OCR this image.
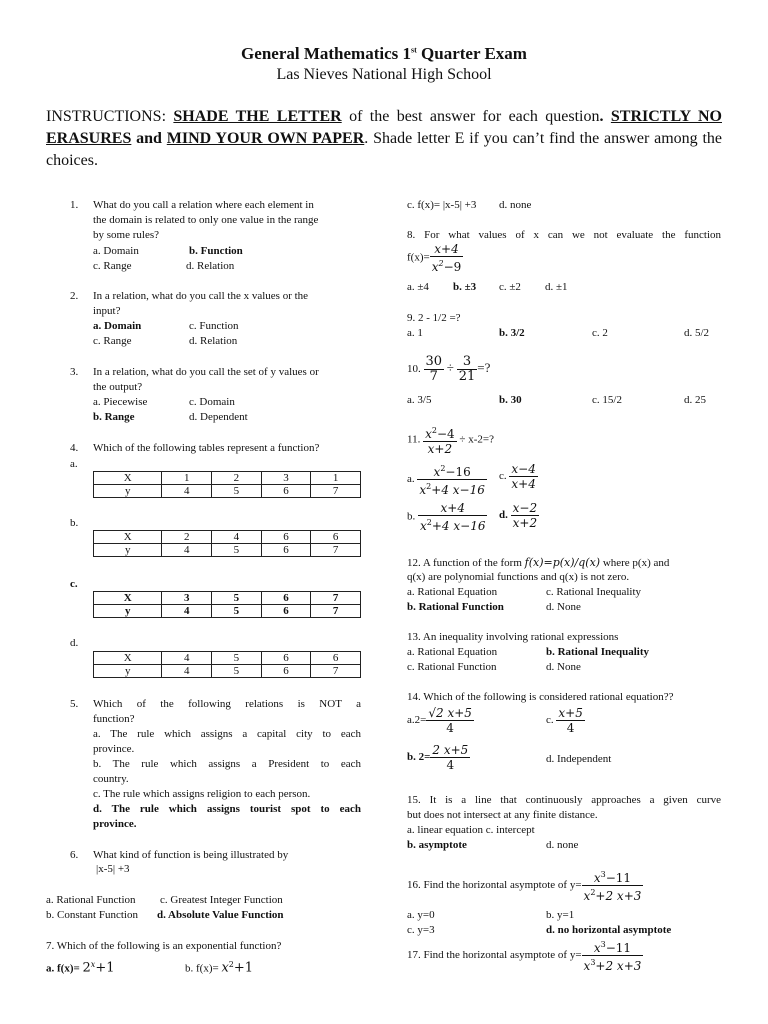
General Mathematics 1st Quarter Exam
Las Nieves National High School
INSTRUCTIONS: SHADE THE LETTER of the best answer for each question. STRICTLY NO ERASURES and MIND YOUR OWN PAPER. Shade letter E if you can’t find the answer among the choices.
1. What do you call a relation where each element in
the domain is related to only one value in the range
by some rules?
a. Domain	b. Function
c. Range	d. Relation
2. In a relation, what do you call the x values or the
input?
a. Domain	c. Function
c. Range	d. Relation
3. In a relation, what do you call the set of y values or
the output?
a. Piecewise	c. Domain
b. Range	d. Dependent
4. Which of the following tables represent a function?
a.
X	1	2	3	1
y	4	5	6	7
b.
X	2	4	6	6
y	4	5	6	7
c.
X	3	5	6	7
y	4	5	6	7
d.
X	4	5	6	6
y	4	5	6	7
5. Which of the following relations is NOT a
function?
a. The rule which assigns a capital city to each
province.
b. The rule which assigns a President to each
country.
c. The rule which assigns religion to each person.
d. The rule which assigns tourist spot to each
province.
6. What kind of function is being illustrated by
|x-5| +3
a. Rational Function c. Greatest Integer Function
b. Constant Function d. Absolute Value Function
7. Which of the following is an exponential function?
a. $f(x)= 2^x+1$	b. $f(x)= x^2+1$
c. f(x)= |x-5| +3 d. none
8. For what values of x can we not evaluate the function
$f(x)= \frac{x+4}{x^2-9}$
a. ±4 b. ±3 c. ±2 d. ±1
9. 2 - 1/2 =?
a. 1	b. 3/2	c. 2	d. 5/2
10. $\frac{30}{7} \div \frac{3}{21}$ =?
a. 3/5	b. 30	c. 15/2	d. 25
11. $\frac{x^2-4}{x+2} \div x-2=$?
a. $\frac{x^2-16}{x^2+4 x-16} c$. $\frac{x-4}{x+4}$
b. $\frac{x+4}{x^2+4 x-16} d$. $\frac{x-2}{x+2}$
12. A function of the form f(x)=p(x)/q(x) where p(x) and
q(x) are polynomial functions and q(x) is not zero.
a. Rational Equation	c. Rational Inequality
b. Rational Function	d. None
13. An inequality involving rational expressions
a. Rational Equation	b. Rational Inequality
c. Rational Function	d. None
14. Which of the following is considered rational equation??
$a.2= \frac{√2 x+5}{4}$	c. $\frac{x+5}{4}$
b. $2= \frac{2 x+5}{4}$	d. Independent
15. It is a line that continuously approaches a given curve
but does not intersect at any finite distance.
a. linear equation c. intercept
b. asymptote	d. none
16. Find the horizontal asymptote of $y= \frac{x^3-11}{x^2+2 x+3}$
a. y=0	b. y=1
c. y=3	d. no horizontal asymptote
17. Find the horizontal asymptote of $y= \frac{x^3-11}{x^3+2 x+3}$
